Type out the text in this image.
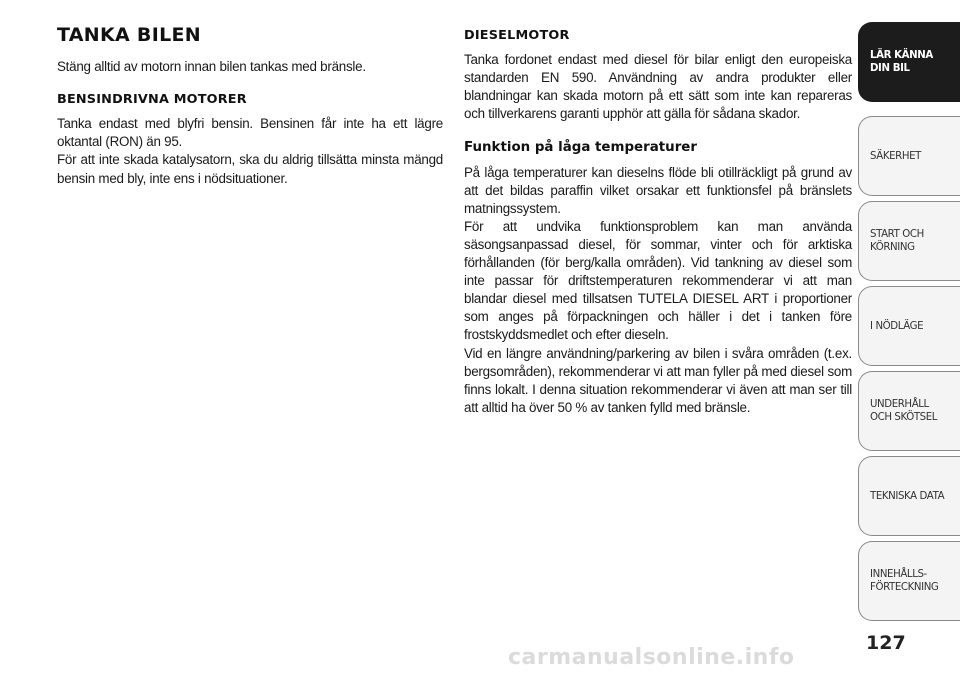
TANKA BILEN

Stäng alltid av motorn innan bilen tankas med bränsle.

BENSINDRIVNA MOTORER

Tanka endast med blyfri bensin. Bensinen får inte ha ett lägre oktantal (RON) än 95.

För att inte skada katalysatorn, ska du aldrig tillsätta minsta mängd bensin med bly, inte ens i nödsituationer.

DIESELMOTOR

Tanka fordonet endast med diesel för bilar enligt den europeiska standarden EN 590. Användning av andra produkter eller blandningar kan skada motorn på ett sätt som inte kan repareras och tillverkarens garanti upphör att gälla för sådana skador.

Funktion på låga temperaturer

På låga temperaturer kan dieselns flöde bli otillräckligt på grund av att det bildas paraffin vilket orsakar ett funktionsfel på bränslets matningssystem.

För att undvika funktionsproblem kan man använda säsongsanpassad diesel, för sommar, vinter och för arktiska förhållanden (för berg/kalla områden). Vid tankning av diesel som inte passar för driftstemperaturen rekommenderar vi att man blandar diesel med tillsatsen TUTELA DIESEL ART i proportioner som anges på förpackningen och häller i det i tanken före frostskyddsmedlet och efter dieseln.

Vid en längre användning/parkering av bilen i svåra områden (t.ex. bergsområden), rekommenderar vi att man fyller på med diesel som finns lokalt. I denna situation rekommenderar vi även att man ser till att alltid ha över 50 % av tanken fylld med bränsle.

LÄR KÄNNA
DIN BIL
SÄKERHET
START OCH
KÖRNING
I NÖDLÄGE
UNDERHÅLL
OCH SKÖTSEL
TEKNISKA DATA
INNEHÅLLS-
FÖRTECKNING
127
carmanualsonline.info
